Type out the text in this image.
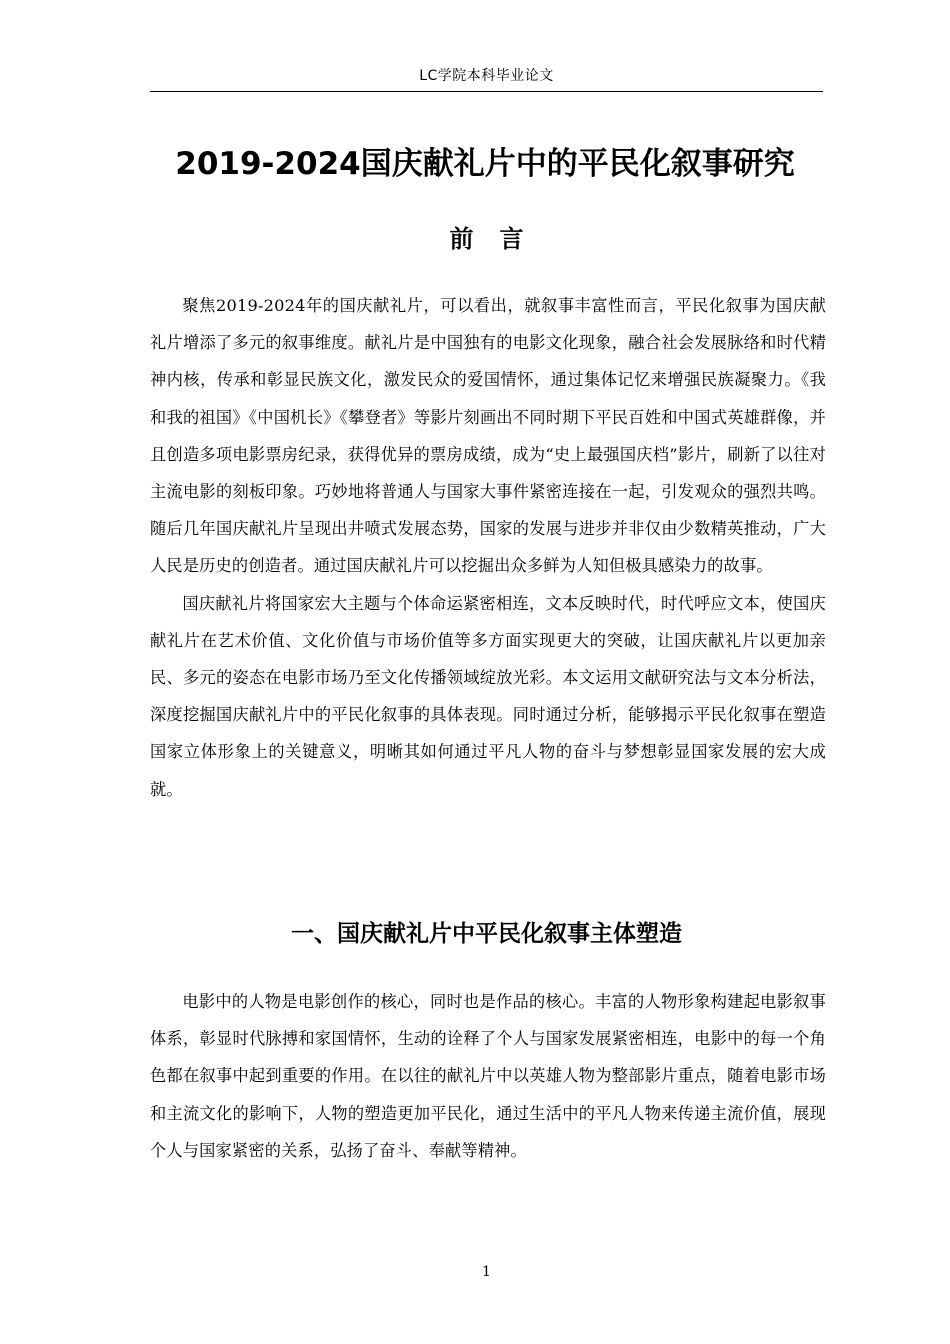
LC学院本科毕业论文
2019-2024国庆献礼片中的平民化叙事研究
前言

聚焦2019-2024年的国庆献礼片，可以看出，就叙事丰富性而言，平民化叙事为国庆献礼片增添了多元的叙事维度。献礼片是中国独有的电影文化现象，融合社会发展脉络和时代精神内核，传承和彰显民族文化，激发民众的爱国情怀，通过集体记忆来增强民族凝聚力。《我和我的祖国》《中国机长》《攀登者》等影片刻画出不同时期下平民百姓和中国式英雄群像，并且创造多项电影票房纪录，获得优异的票房成绩，成为“史上最强国庆档”影片，刷新了以往对主流电影的刻板印象。巧妙地将普通人与国家大事件紧密连接在一起，引发观众的强烈共鸣。随后几年国庆献礼片呈现出井喷式发展态势，国家的发展与进步并非仅由少数精英推动，广大人民是历史的创造者。通过国庆献礼片可以挖掘出众多鲜为人知但极具感染力的故事。

国庆献礼片将国家宏大主题与个体命运紧密相连，文本反映时代，时代呼应文本，使国庆献礼片在艺术价值、文化价值与市场价值等多方面实现更大的突破，让国庆献礼片以更加亲民、多元的姿态在电影市场乃至文化传播领域绽放光彩。本文运用文献研究法与文本分析法，深度挖掘国庆献礼片中的平民化叙事的具体表现。同时通过分析，能够揭示平民化叙事在塑造国家立体形象上的关键意义，明晰其如何通过平凡人物的奋斗与梦想彰显国家发展的宏大成就。

一、国庆献礼片中平民化叙事主体塑造

电影中的人物是电影创作的核心，同时也是作品的核心。丰富的人物形象构建起电影叙事体系，彰显时代脉搏和家国情怀，生动的诠释了个人与国家发展紧密相连，电影中的每一个角色都在叙事中起到重要的作用。在以往的献礼片中以英雄人物为整部影片重点，随着电影市场和主流文化的影响下，人物的塑造更加平民化，通过生活中的平凡人物来传递主流价值，展现个人与国家紧密的关系，弘扬了奋斗、奉献等精神。

1
